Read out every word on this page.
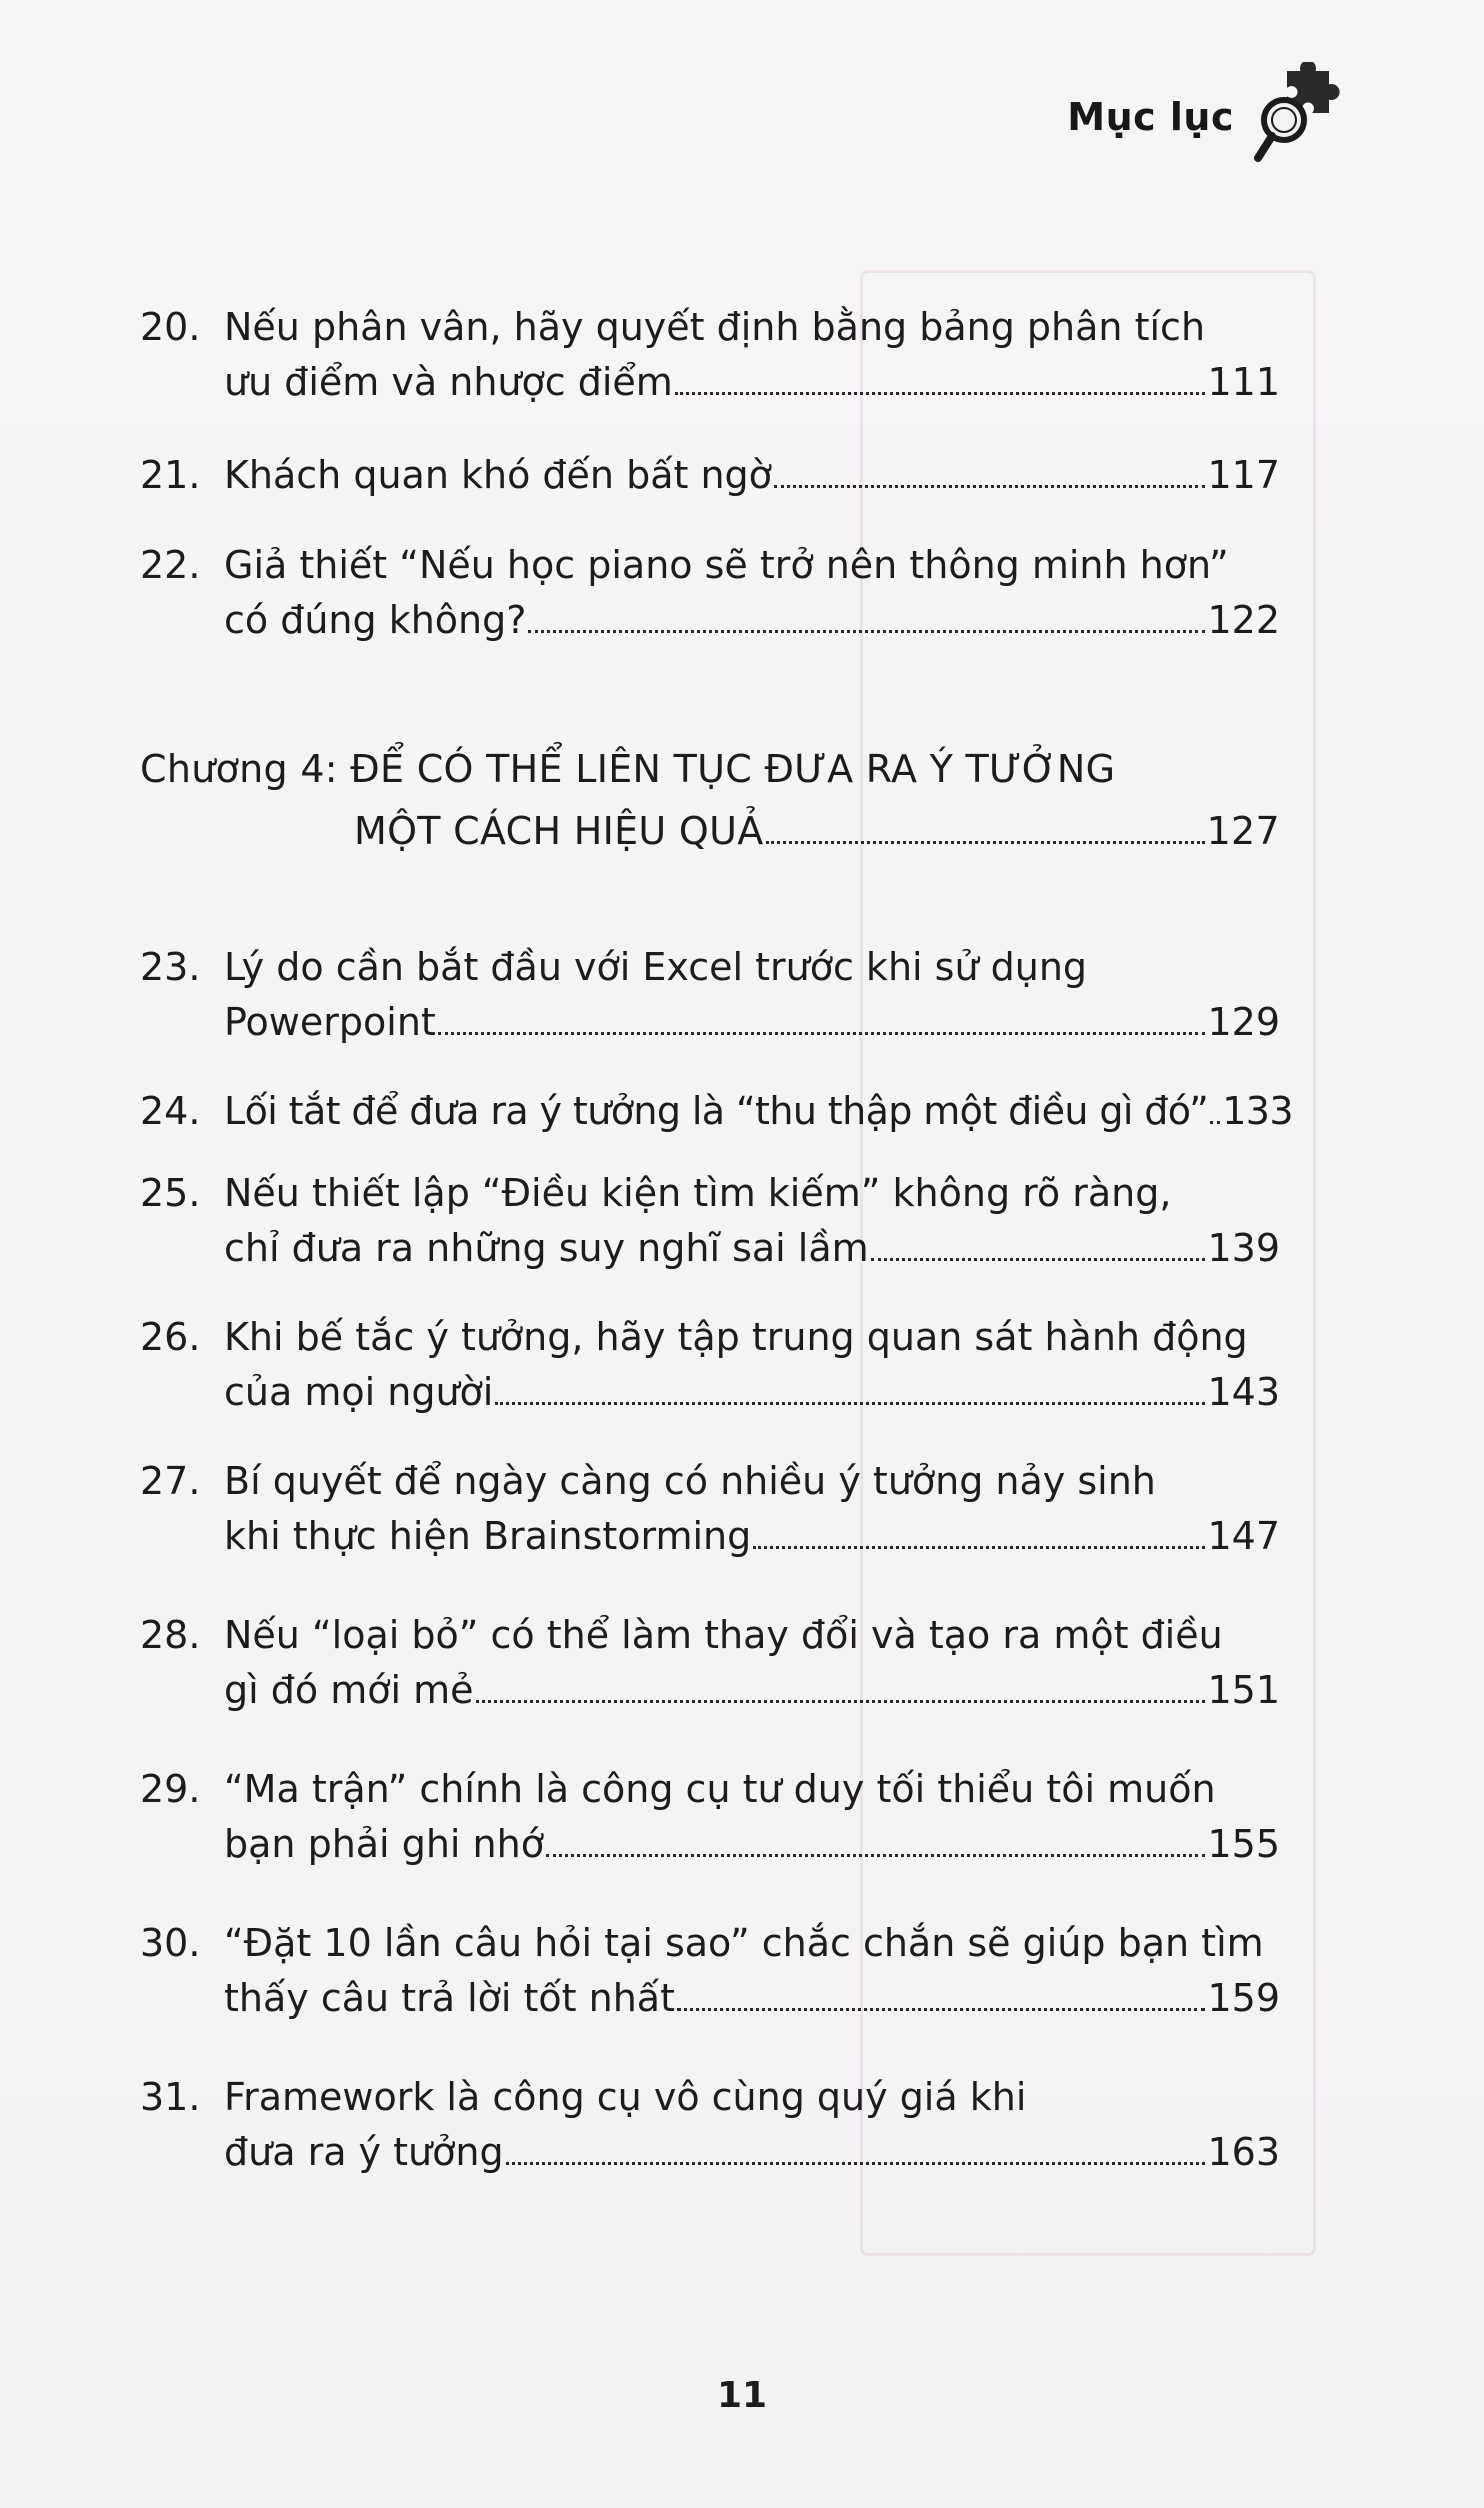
Mục lục
20. Nếu phân vân, hãy quyết định bằng bảng phân tích
ưu điểm và nhược điểm	111
21. Khách quan khó đến bất ngờ	117
22. Giả thiết “Nếu học piano sẽ trở nên thông minh hơn”
có đúng không?	122
Chương 4: ĐỂ CÓ THỂ LIÊN TỤC ĐƯA RA Ý TƯỞNG
MỘT CÁCH HIỆU QUẢ	127
23. Lý do cần bắt đầu với Excel trước khi sử dụng
Powerpoint	129
24. Lối tắt để đưa ra ý tưởng là “thu thập một điều gì đó” 133
25. Nếu thiết lập “Điều kiện tìm kiếm” không rõ ràng,
chỉ đưa ra những suy nghĩ sai lầm	139
26. Khi bế tắc ý tưởng, hãy tập trung quan sát hành động
của mọi người	143
27. Bí quyết để ngày càng có nhiều ý tưởng nảy sinh
khi thực hiện Brainstorming	147
28. Nếu “loại bỏ” có thể làm thay đổi và tạo ra một điều
gì đó mới mẻ	151
29. “Ma trận” chính là công cụ tư duy tối thiểu tôi muốn
bạn phải ghi nhớ	155
30. “Đặt 10 lần câu hỏi tại sao” chắc chắn sẽ giúp bạn tìm
thấy câu trả lời tốt nhất	159
31. Framework là công cụ vô cùng quý giá khi
đưa ra ý tưởng	163
11
